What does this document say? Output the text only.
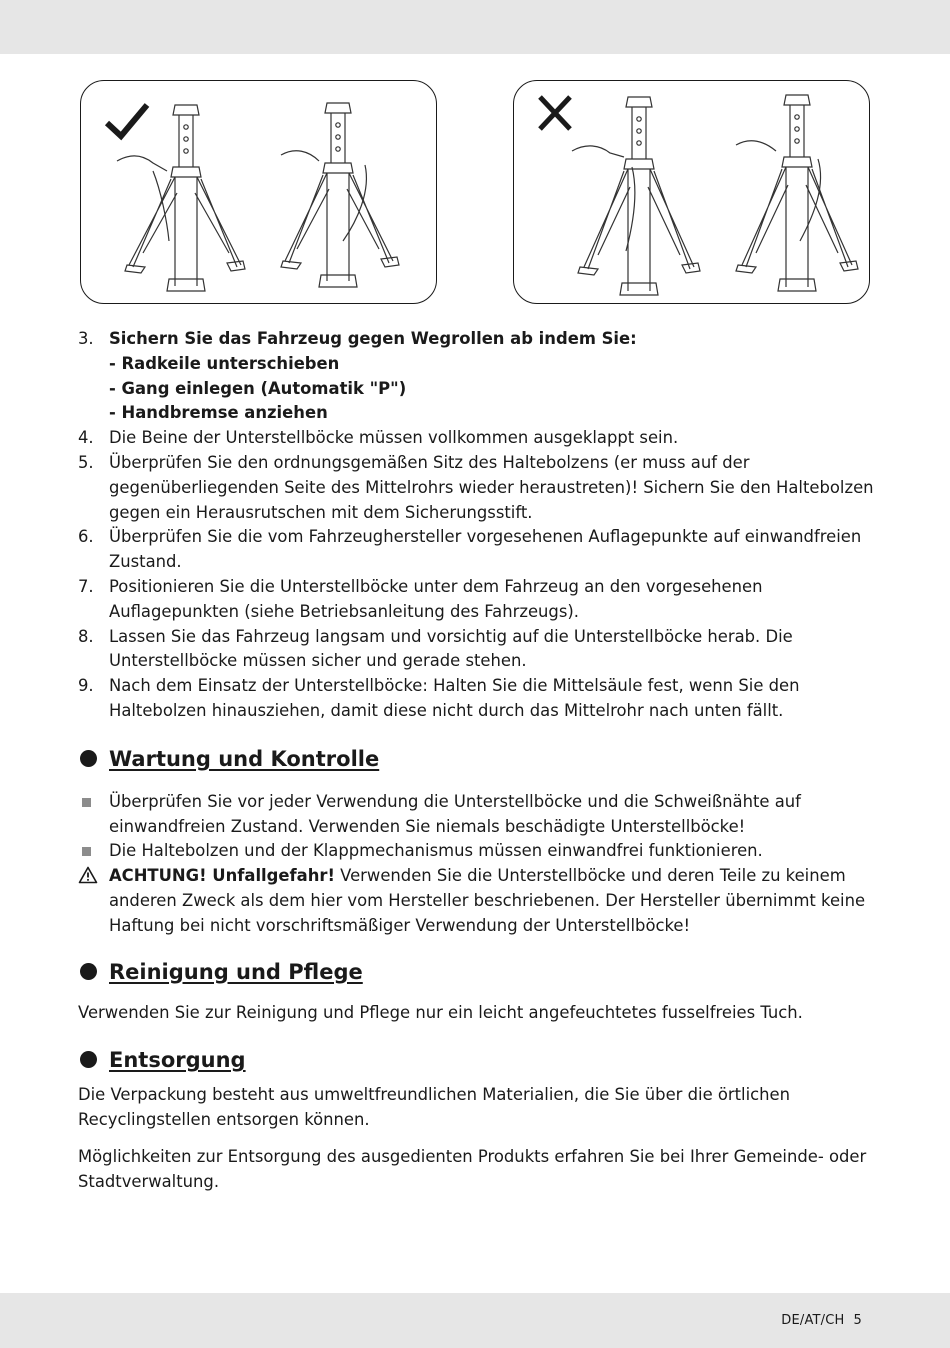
3. Sichern Sie das Fahrzeug gegen Wegrollen ab indem Sie:
- Radkeile unterschieben
- Gang einlegen (Automatik "P")
- Handbremse anziehen
4. Die Beine der Unterstellböcke müssen vollkommen ausgeklappt sein.
5. Überprüfen Sie den ordnungsgemäßen Sitz des Haltebolzens (er muss auf der gegenüberliegenden Seite des Mittelrohrs wieder heraustreten)! Sichern Sie den Haltebolzen gegen ein Herausrutschen mit dem Sicherungsstift.
6. Überprüfen Sie die vom Fahrzeughersteller vorgesehenen Auflagepunkte auf einwandfreien Zustand.
7. Positionieren Sie die Unterstellböcke unter dem Fahrzeug an den vorgesehenen Auflagepunkten (siehe Betriebsanleitung des Fahrzeugs).
8. Lassen Sie das Fahrzeug langsam und vorsichtig auf die Unterstellböcke herab. Die Unterstellböcke müssen sicher und gerade stehen.
9. Nach dem Einsatz der Unterstellböcke: Halten Sie die Mittelsäule fest, wenn Sie den Haltebolzen hinausziehen, damit diese nicht durch das Mittelrohr nach unten fällt.
Wartung und Kontrolle
Überprüfen Sie vor jeder Verwendung die Unterstellböcke und die Schweißnähte auf einwandfreien Zustand. Verwenden Sie niemals beschädigte Unterstellböcke!
Die Haltebolzen und der Klappmechanismus müssen einwandfrei funktionieren.
ACHTUNG! Unfallgefahr! Verwenden Sie die Unterstellböcke und deren Teile zu keinem anderen Zweck als dem hier vom Hersteller beschriebenen. Der Hersteller übernimmt keine Haftung bei nicht vorschriftsmäßiger Verwendung der Unterstellböcke!
Reinigung und Pflege

Verwenden Sie zur Reinigung und Pflege nur ein leicht angefeuchtetes fusselfreies Tuch.

Entsorgung

Die Verpackung besteht aus umweltfreundlichen Materialien, die Sie über die örtlichen Recyclingstellen entsorgen können.

Möglichkeiten zur Entsorgung des ausgedienten Produkts erfahren Sie bei Ihrer Gemeinde- oder Stadtverwaltung.

DE/AT/CH 5
